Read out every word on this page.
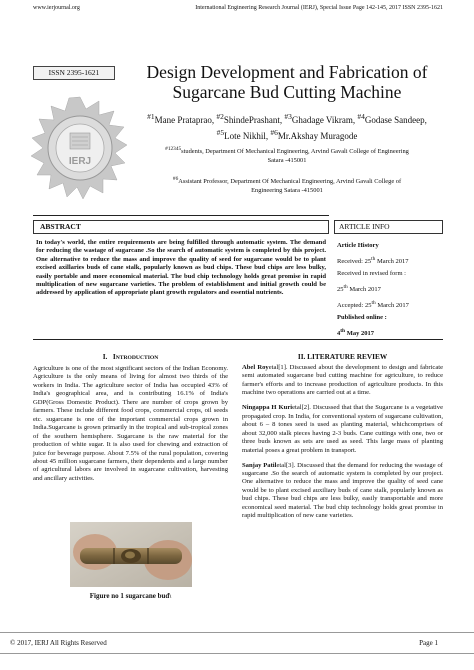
www.ierjournal.org	International Engineering Research Journal (IERJ), Special Issue Page 142-145, 2017 ISSN 2395-1621
ISSN 2395-1621
IERJ
Design Development and Fabrication of Sugarcane Bud Cutting Machine
$^{\#1}$Mane Prataprao, $^{\#2}$ShindePrashant, $^{\#3}$Ghadage Vikram, $^{\#4}$Godase Sandeep,
$^{\#5}$Lote Nikhil, $^{\#6}$Mr.Akshay Muragode
$^{\#12345}$students, Department Of Mechanical Engineering, Arvind Gavali College of Engineering
Satara -415001
$^{\#6}$Assistant Professor, Department Of Mechanical Engineering, Arvind Gavali College of
Engineering Satara -415001
ABSTRACT	ARTICLE INFO
In today's world, the entire requirements are being fulfilled through automatic system. The demand for reducing the wastage of sugarcane .So the search of automatic system is completed by this project. One alternative to reduce the mass and improve the quality of seed for sugarcane would be to plant excised axillaries buds of cane stalk, popularly known as bud chips. These bud chips are less bulky, easily portable and more economical material. The bud chip technology holds great promise in rapid multiplication of new sugarcane varieties. The problem of establishment and initial growth could be addressed by application of appropriate plant growth regulators and essential nutrients.
Article History
Received: 25th March 2017
Received in revised form :
25th March 2017
Accepted: 25th March 2017
Published online :
4th May 2017
I. INTRODUCTION	II. LITERATURE REVIEW
Agriculture is one of the most significant sectors of the Indian Economy. Agriculture is the only means of living for almost two thirds of the workers in India. The agriculture sector of India has occupied 43% of India's geographical area, and is contributing 16.1% of India's GDP(Gross Domestic Product). There are number of crops grown by farmers. These include different food crops, commercial crops, oil seeds etc. sugarcane is one of the important commercial crops grown in India.Sugarcane is grown primarily in the tropical and sub-tropical zones of the southern hemisphere. Sugarcane is the raw material for the production of white sugar. It is also used for chewing and extraction of juice for beverage purpose. About 7.5% of the rural population, covering about 45 million sugarcane farmers, their dependents and a large number of agricultural labors are involved in sugarcane cultivation, harvesting and ancillary activities.
Figure no 1 sugarcane bud\

Abel Royetal[1]. Discussed about the development to design and fabricate semi automated sugarcane bud cutting machine for agriculture, to reduce farmer's efforts and to increase production of agriculture products. In this machine two operations are carried out at a time.

Ningappa H Kurietal[2]. Discussed that that the Sugarcane is a vegetative propagated crop. In India, for conventional system of sugarcane cultivation, about 6 – 8 tones seed is used as planting material, whichcomprises of about 32,000 stalk pieces having 2-3 buds. Cane cuttings with one, two or three buds known as sets are used as seed. This large mass of planting material poses a great problem in transport.

Sanjay Patiletal[3]. Discussed that the demand for reducing the wastage of sugarcane .So the search of automatic system is completed by our project. One alternative to reduce the mass and improve the quality of seed cane would be to plant excised auxiliary buds of cane stalk, popularly known as bud chips. These bud chips are less bulky, easily transportable and more economical seed material. The bud chip technology holds great promise in rapid multiplication of new cane varieties.

© 2017, IERJ All Rights Reserved	Page 1
